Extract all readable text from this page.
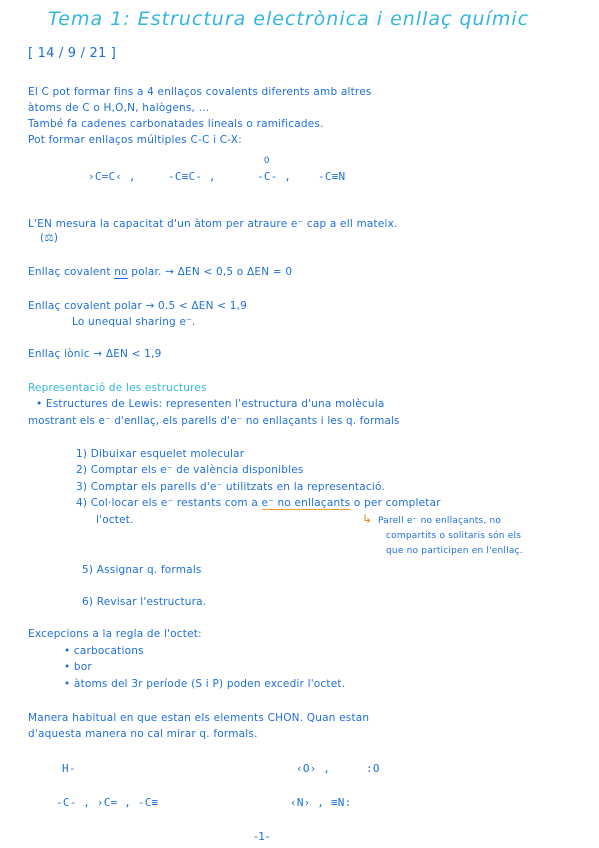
Tema 1: Estructura electrònica i enllaç químic
[ 14 / 9 / 21 ]
El C pot formar fins a 4 enllaços covalents diferents amb altres
àtoms de C o H,O,N, halògens, ...
També fa cadenes carbonatades lineals o ramificades.
Pot formar enllaços múltiples C-C i C-X:
›C=C‹ ,	-C≡C- ,
O
-C- , -C≡N
L'EN mesura la capacitat d'un àtom per atraure e⁻ cap a ell mateix.
(⚖)
Enllaç covalent no polar. → ΔEN < 0,5 o ΔEN = 0
Enllaç covalent polar → 0.5 < ΔEN < 1,9
Lo unequal sharing e⁻.
Enllaç iònic → ΔEN < 1,9
Representació de les estructures
• Estructures de Lewis: representen l'estructura d'una molècula
mostrant els e⁻ d'enllaç, els parells d'e⁻ no enllaçants i les q. formals
1) Dibuixar esquelet molecular
2) Comptar els e⁻ de valència disponibles
3) Comptar els parells d'e⁻ utilitzats en la representació.
4) Col·locar els e⁻ restants com a e⁻ no enllaçants o per completar
l'octet.	↳ Parell e⁻ no enllaçants, no
compartits o solitaris són els
que no participen en l'enllaç.
5) Assignar q. formals
6) Revisar l'estructura.
Excepcions a la regla de l'octet:
• carbocations
• bor
• àtoms del 3r període (S i P) poden excedir l'octet.
Manera habitual en que estan els elements CHON. Quan estan
d'aquesta manera no cal mirar q. formals.
H-	‹O› ,	:O
-C- , ›C= , -C≡	‹N› , ≡N:
-1-
